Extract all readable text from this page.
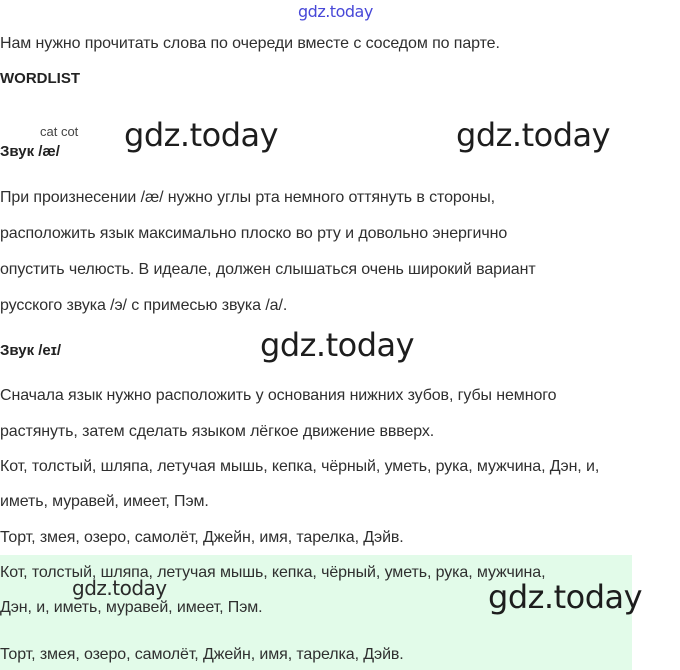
gdz.today
Нам нужно прочитать слова по очереди вместе с соседом по парте.
WORDLIST
cat cot
Звук /æ/ gdz.today	gdz.today
При произнесении /æ/ нужно углы рта немного оттянуть в стороны,
расположить язык максимально плоско во рту и довольно энергично
опустить челюсть. В идеале, должен слышаться очень широкий вариант
русского звука /э/ с примесью звука /а/.
Звук /eɪ/	gdz.today
Сначала язык нужно расположить у основания нижних зубов, губы немного
растянуть, затем сделать языком лёгкое движение ввверх.
Кот, толстый, шляпа, летучая мышь, кепка, чёрный, уметь, рука, мужчина, Дэн, и,
иметь, муравей, имеет, Пэм.
Торт, змея, озеро, самолёт, Джейн, имя, тарелка, Дэйв.
Кот, толстый, шляпа, летучая мышь, кепка, чёрный, уметь, рука, мужчина,
gdz.today
Дэн, и, иметь, муравей, имеет, Пэм.	gdz.today
Торт, змея, озеро, самолёт, Джейн, имя, тарелка, Дэйв.
